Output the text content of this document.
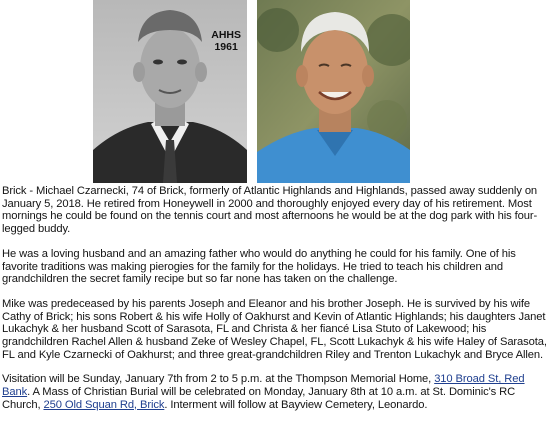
AHHS
1961

Brick - Michael Czarnecki, 74 of Brick, formerly of Atlantic Highlands and Highlands, passed away suddenly on January 5, 2018. He retired from Honeywell in 2000 and thoroughly enjoyed every day of his retirement. Most mornings he could be found on the tennis court and most afternoons he would be at the dog park with his four-legged buddy.

He was a loving husband and an amazing father who would do anything he could for his family. One of his favorite traditions was making pierogies for the family for the holidays. He tried to teach his children and grandchildren the secret family recipe but so far none has taken on the challenge.

Mike was predeceased by his parents Joseph and Eleanor and his brother Joseph. He is survived by his wife Cathy of Brick; his sons Robert & his wife Holly of Oakhurst and Kevin of Atlantic Highlands; his daughters Janet Lukachyk & her husband Scott of Sarasota, FL and Christa & her fiancé Lisa Stuto of Lakewood; his grandchildren Rachel Allen & husband Zeke of Wesley Chapel, FL, Scott Lukachyk & his wife Haley of Sarasota, FL and Kyle Czarnecki of Oakhurst; and three great-grandchildren Riley and Trenton Lukachyk and Bryce Allen.

Visitation will be Sunday, January 7th from 2 to 5 p.m. at the Thompson Memorial Home, 310 Broad St, Red Bank. A Mass of Christian Burial will be celebrated on Monday, January 8th at 10 a.m. at St. Dominic's RC Church, 250 Old Squan Rd, Brick. Interment will follow at Bayview Cemetery, Leonardo.
